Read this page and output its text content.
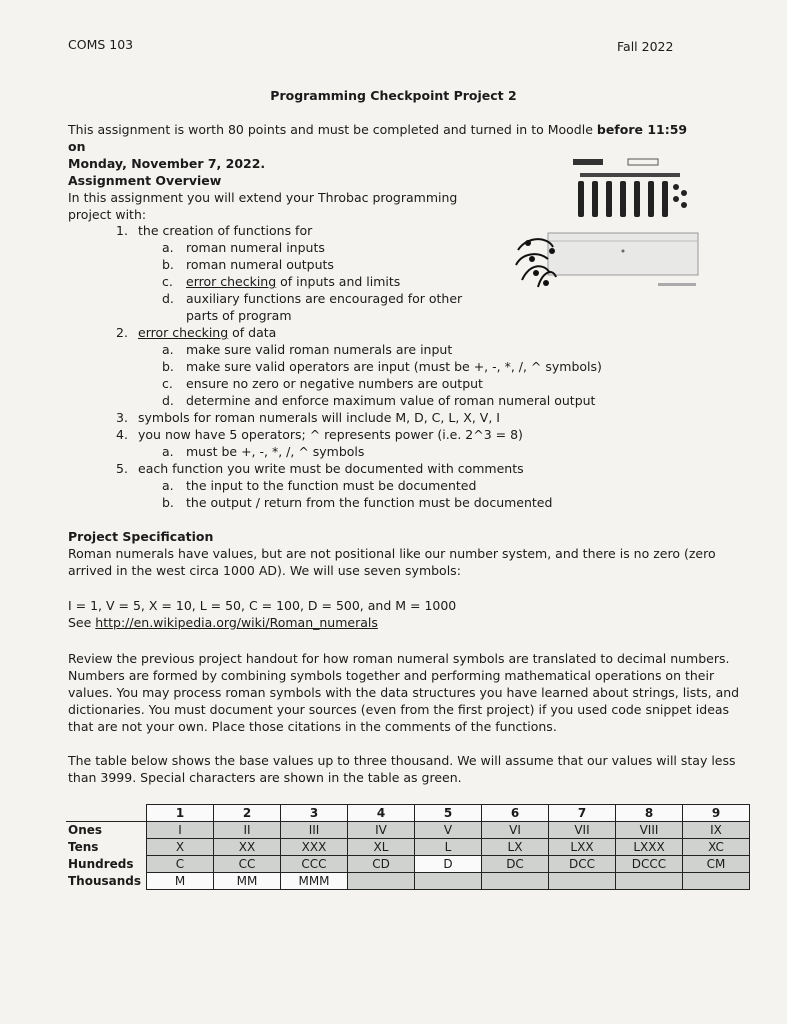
COMS 103	Fall 2022
Programming Checkpoint Project 2
This assignment is worth 80 points and must be completed and turned in to Moodle before 11:59 on
Monday, November 7, 2022.
Assignment Overview
In this assignment you will extend your Throbac programming
project with:
1. the creation of functions for
a. roman numeral inputs
b. roman numeral outputs
c. error checking of inputs and limits
d. auxiliary functions are encouraged for other
parts of program
2. error checking of data
a. make sure valid roman numerals are input
b. make sure valid operators are input (must be +, -, *, /, ^ symbols)
c. ensure no zero or negative numbers are output
d. determine and enforce maximum value of roman numeral output
3. symbols for roman numerals will include M, D, C, L, X, V, I
4. you now have 5 operators; ^ represents power (i.e. 2^3 = 8)
a. must be +, -, *, /, ^ symbols
5. each function you write must be documented with comments
a. the input to the function must be documented
b. the output / return from the function must be documented
Project Specification
Roman numerals have values, but are not positional like our number system, and there is no zero (zero
arrived in the west circa 1000 AD). We will use seven symbols:
I = 1, V = 5, X = 10, L = 50, C = 100, D = 500, and M = 1000
See http://en.wikipedia.org/wiki/Roman_numerals
Review the previous project handout for how roman numeral symbols are translated to decimal numbers.
Numbers are formed by combining symbols together and performing mathematical operations on their
values. You may process roman symbols with the data structures you have learned about strings, lists, and
dictionaries. You must document your sources (even from the first project) if you used code snippet ideas
that are not your own. Place those citations in the comments of the functions.
The table below shows the base values up to three thousand. We will assume that our values will stay less
than 3999. Special characters are shown in the table as green.
	1	2	3	4	5	6	7	8	9
Ones	I	II	III	IV	V	VI	VII	VIII	IX
Tens	X	XX	XXX	XL	L	LX	LXX	LXXX	XC
Hundreds	C	CC	CCC	CD	D	DC	DCC	DCCC	CM
Thousands	M	MM	MMM						
